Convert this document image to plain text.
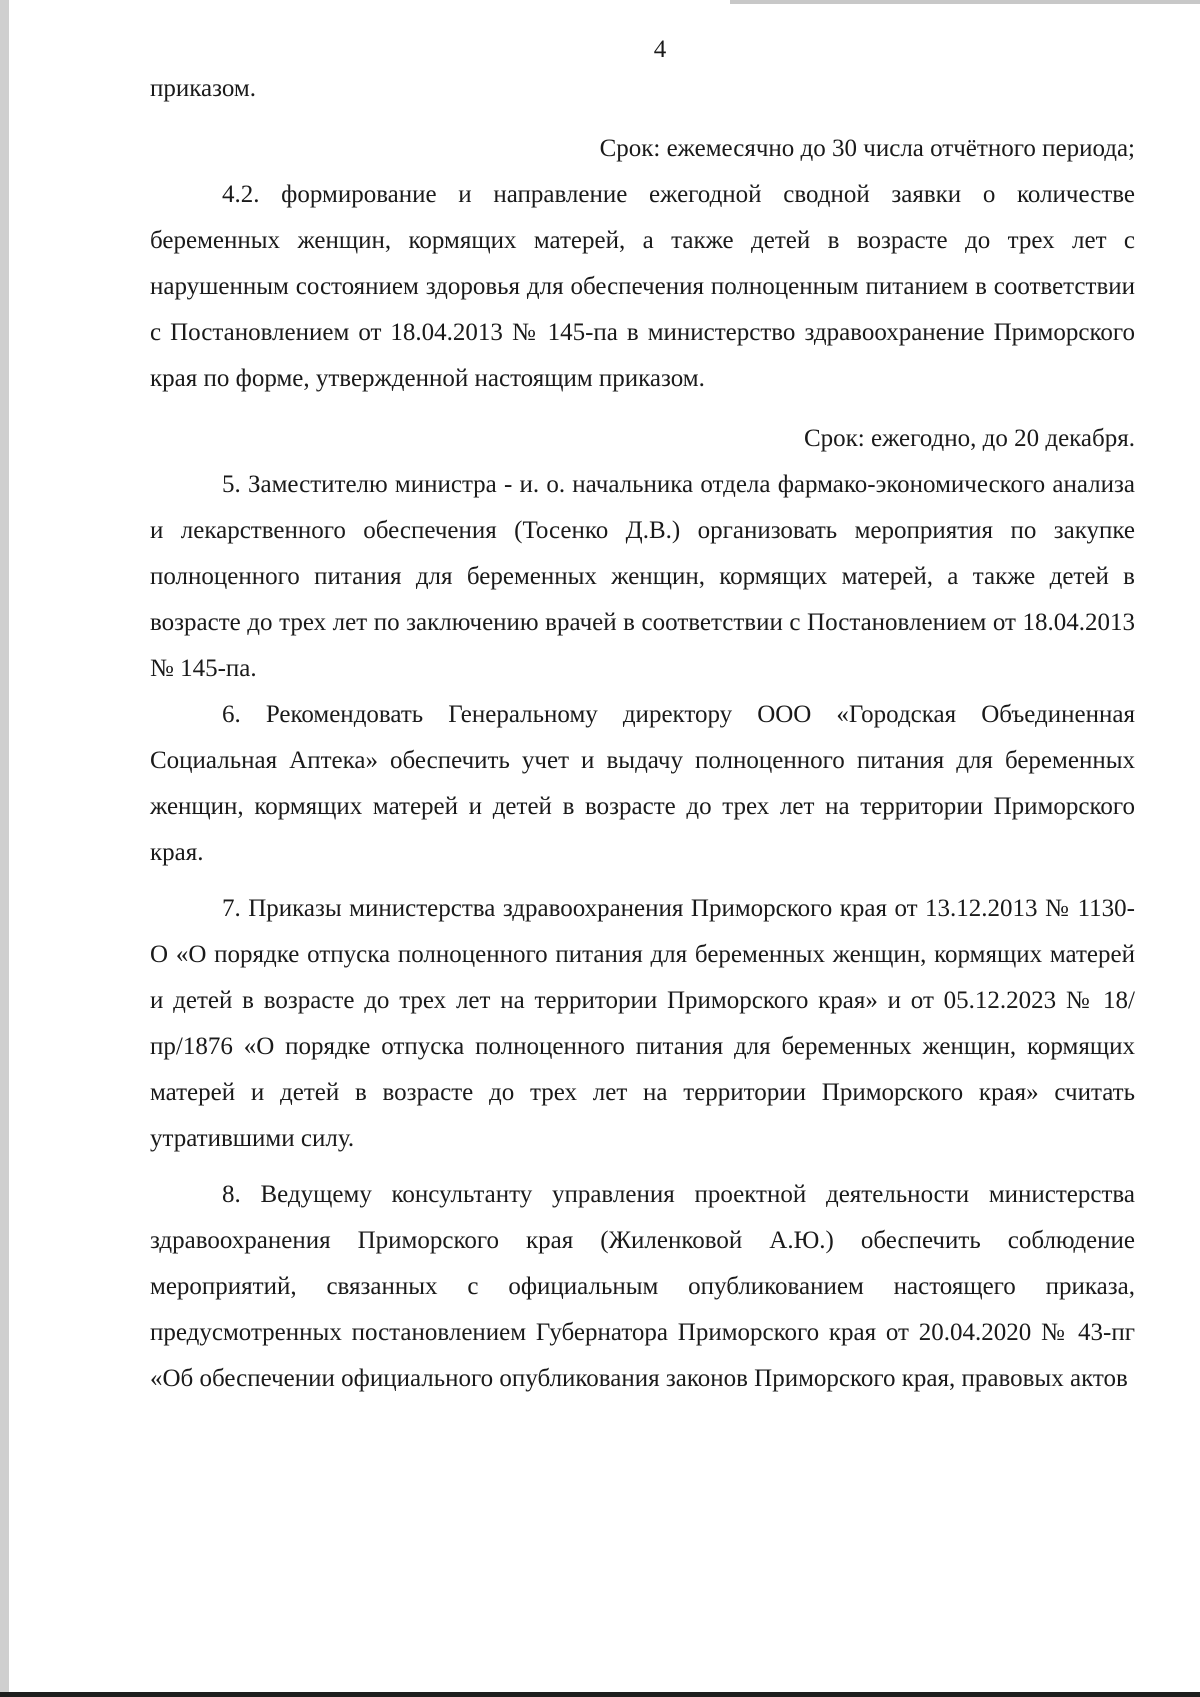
4

приказом.

Срок: ежемесячно до 30 числа отчётного периода;

4.2. формирование и направление ежегодной сводной заявки о количестве беременных женщин, кормящих матерей, а также детей в возрасте до трех лет с нарушенным состоянием здоровья для обеспечения полноценным питанием в соответствии с Постановлением от 18.04.2013 № 145-па в министерство здравоохранение Приморского края по форме, утвержденной настоящим приказом.

Срок: ежегодно, до 20 декабря.

5. Заместителю министра - и. о. начальника отдела фармако-экономического анализа и лекарственного обеспечения (Тосенко Д.В.) организовать мероприятия по закупке полноценного питания для беременных женщин, кормящих матерей, а также детей в возрасте до трех лет по заключению врачей в соответствии с Постановлением от 18.04.2013 № 145-па.

6. Рекомендовать Генеральному директору ООО «Городская Объединенная Социальная Аптека» обеспечить учет и выдачу полноценного питания для беременных женщин, кормящих матерей и детей в возрасте до трех лет на территории Приморского края.

7. Приказы министерства здравоохранения Приморского края от 13.12.2013 № 1130-О «О порядке отпуска полноценного питания для беременных женщин, кормящих матерей и детей в возрасте до трех лет на территории Приморского края» и от 05.12.2023 № 18/пр/1876 «О порядке отпуска полноценного питания для беременных женщин, кормящих матерей и детей в возрасте до трех лет на территории Приморского края» считать утратившими силу.

8. Ведущему консультанту управления проектной деятельности министерства здравоохранения Приморского края (Жиленковой А.Ю.) обеспечить соблюдение мероприятий, связанных с официальным опубликованием настоящего приказа, предусмотренных постановлением Губернатора Приморского края от 20.04.2020 № 43-пг «Об обеспечении официального опубликования законов Приморского края, правовых актов
